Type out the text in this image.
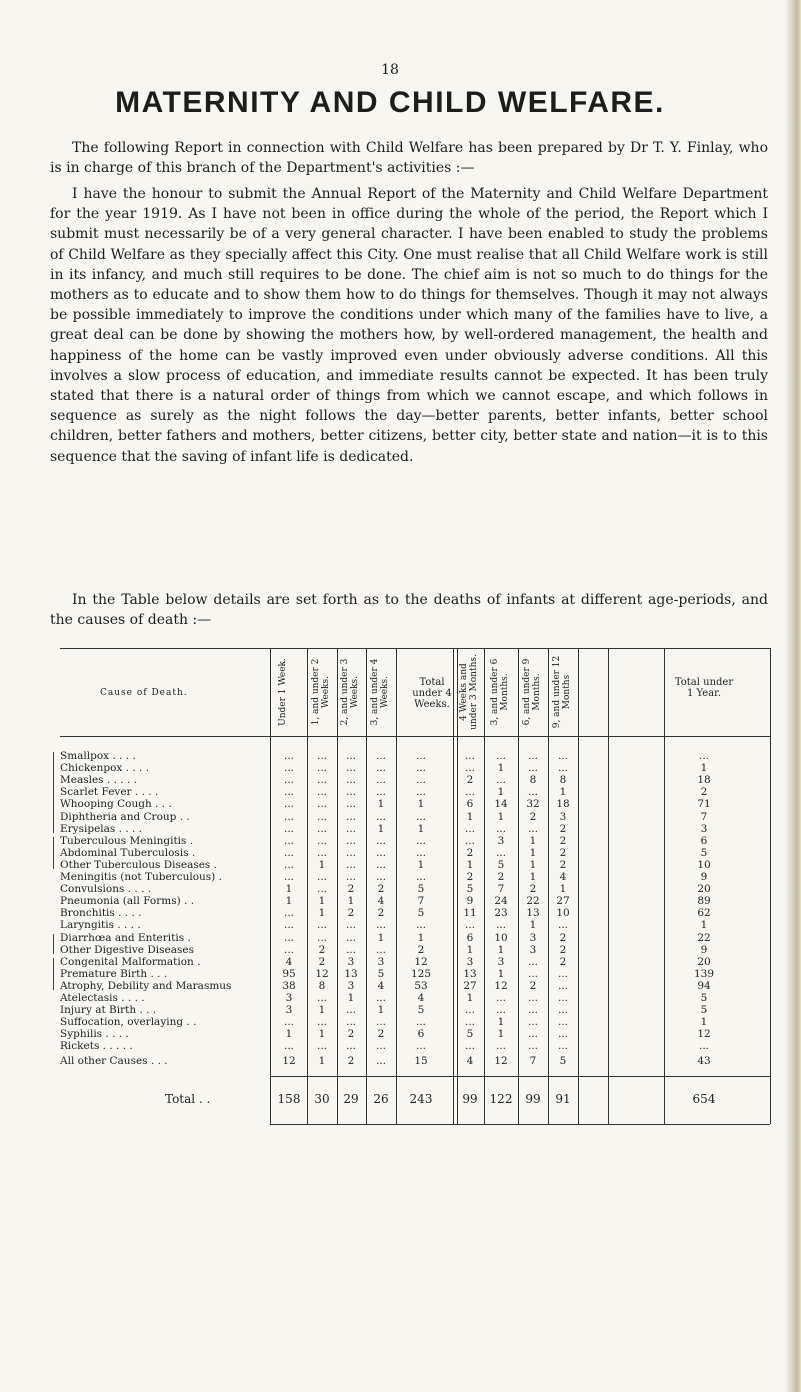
18
MATERNITY AND CHILD WELFARE.

The following Report in connection with Child Welfare has been prepared by Dr T. Y. Finlay, who is in charge of this branch of the Department's activities :—

I have the honour to submit the Annual Report of the Maternity and Child Welfare Department for the year 1919. As I have not been in office during the whole of the period, the Report which I submit must necessarily be of a very general character. I have been enabled to study the problems of Child Welfare as they specially affect this City. One must realise that all Child Welfare work is still in its infancy, and much still requires to be done. The chief aim is not so much to do things for the mothers as to educate and to show them how to do things for themselves. Though it may not always be possible immediately to improve the conditions under which many of the families have to live, a great deal can be done by showing the mothers how, by well-ordered management, the health and happiness of the home can be vastly improved even under obviously adverse conditions. All this involves a slow process of education, and immediate results cannot be expected. It has been truly stated that there is a natural order of things from which we cannot escape, and which follows in sequence as surely as the night follows the day—better parents, better infants, better school children, better fathers and mothers, better citizens, better city, better state and nation—it is to this sequence that the saving of infant life is dedicated.

In the Table below details are set forth as to the deaths of infants at different age-periods, and the causes of death :—

Cause of Death.	Under 1 Week.	1, and under 2 Weeks. 2, and under 3 Weeks. 3, and under 4 Weeks.	Total under 4 Weeks.	4 Weeks and under 3 Months. 3, and under 6 Months. 6, and under 9 Months. 9, and under 12 Months	Total under 1 Year.
Smallpox . . . .	...	...	...	...	...	...	...	...	...	...
Chickenpox . . . .	...	...	...	...	...	...	1	...	...	1
Measles . . . . .	...	...	...	...	...	2	...	8	8	18
Scarlet Fever . . . .	...	...	...	...	...	...	1	...	1	2
Whooping Cough . . .	...	...	...	1	1	6	14	32	18	71
Diphtheria and Croup . .	...	...	...	...	...	1	1	2	3	7
Erysipelas . . . .	...	...	...	1	1	...	...	...	2	3
Tuberculous Meningitis .	...	...	...	...	...	...	3	1	2	6
Abdominal Tuberculosis .	...	...	...	...	...	2	...	1	2	5
Other Tuberculous Diseases .	...	1	...	...	1	1	5	1	2	10
Meningitis (not Tuberculous) .	...	...	...	...	...	2	2	1	4	9
Convulsions . . . .	1	...	2	2	5	5	7	2	1	20
Pneumonia (all Forms) . .	1	1	1	4	7	9	24	22	27	89
Bronchitis . . . .	...	1	2	2	5	11	23	13	10	62
Laryngitis . . . .	...	...	...	...	...	...	...	1	...	1
Diarrhœa and Enteritis .	...	...	...	1	1	6	10	3	2	22
Other Digestive Diseases	...	2	...	...	2	1	1	3	2	9
Congenital Malformation .	4	2	3	3	12	3	3	...	2	20
Premature Birth . . .	95	12	13	5	125	13	1	...	...	139
Atrophy, Debility and Marasmus	38	8	3	4	53	27	12	2	...	94
Atelectasis . . . .	3	...	1	...	4	1	...	...	...	5
Injury at Birth . . .	3	1	...	1	5	...	...	...	...	5
Suffocation, overlaying . .	...	...	...	...	...	...	1	...	...	1
Syphilis . . . .	1	1	2	2	6	5	1	...	...	12
Rickets . . . . .	...	...	...	...	...	...	...	...	...	...
All other Causes . . .	12	1	2	...	15	4	12	7	5	43
Total . .	158	30	29	26	243	99 122	99	91	654
